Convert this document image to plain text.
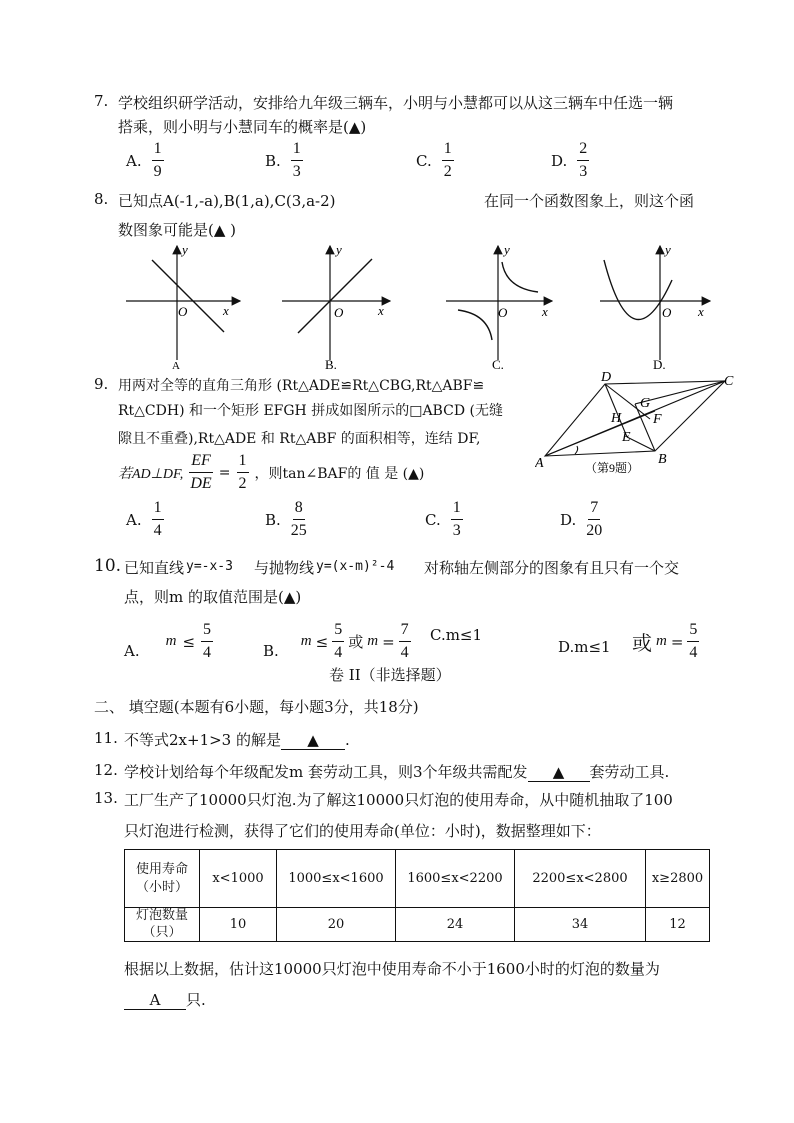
7. 学校组织研学活动，安排给九年级三辆车，小明与小慧都可以从这三辆车中任选一辆
搭乘，则小明与小慧同车的概率是(▲)
A. $\frac{1}{9}$	B. $\frac{1}{3}$	C. $\frac{1}{2}$	D. $\frac{2}{3}$
8. 已知点A(-1,-a),B(1,a),C(3,a-2)	在同一个函数图象上，则这个函
数图象可能是(▲ )
y
x
O
A
y
x
O
B.
y
x
O
C.
y
x
O
D.
9. 用两对全等的直角三角形 (Rt△ADE≌Rt△CBG,Rt△ABF≌
Rt△CDH) 和一个矩形 EFGH 拼成如图所示的□ABCD (无缝
隙且不重叠),Rt△ADE 和 Rt△ABF 的面积相等，连结 DF,
若AD⊥DF, $\frac{EF}{DE} = \frac{1}{2}$ ，则tan∠BAF的 值 是 (▲)
A	B
C
D
E
F
G
H
（第9题）
A. $\frac{1}{4}$	B. $\frac{8}{25}$	C. $\frac{1}{3}$	D. $\frac{7}{20}$
10. 已知直线 y=-x-3 与抛物线 y=(x-m)²-4 对称轴左侧部分的图象有且只有一个交
点，则m 的取值范围是(▲)
A.
$m \le \frac{5}{4}$	B.
$m \le \frac{5}{4}$ 或 $m = \frac{7}{4} C.m\le 1$
D.m≤1 或 $m = \frac{5}{4}$
卷 II（非选择题）
二、 填空题(本题有6小题，每小题3分，共18分)
11. 不等式2x+1>3 的解是 ▲ .
12. 学校计划给每个年级配发m 套劳动工具，则3个年级共需配发 ▲ 套劳动工具.
13. 工厂生产了10000只灯泡.为了解这10000只灯泡的使用寿命，从中随机抽取了100
只灯泡进行检测，获得了它们的使用寿命(单位：小时)，数据整理如下：
使用寿命
（小时）	x<1000	1000≤x<1600	1600≤x<2200	2200≤x<2800	x≥2800

灯泡数量
（只）	10	20	24	34	12
根据以上数据，估计这10000只灯泡中使用寿命不小于1600小时的灯泡的数量为
A 只.
